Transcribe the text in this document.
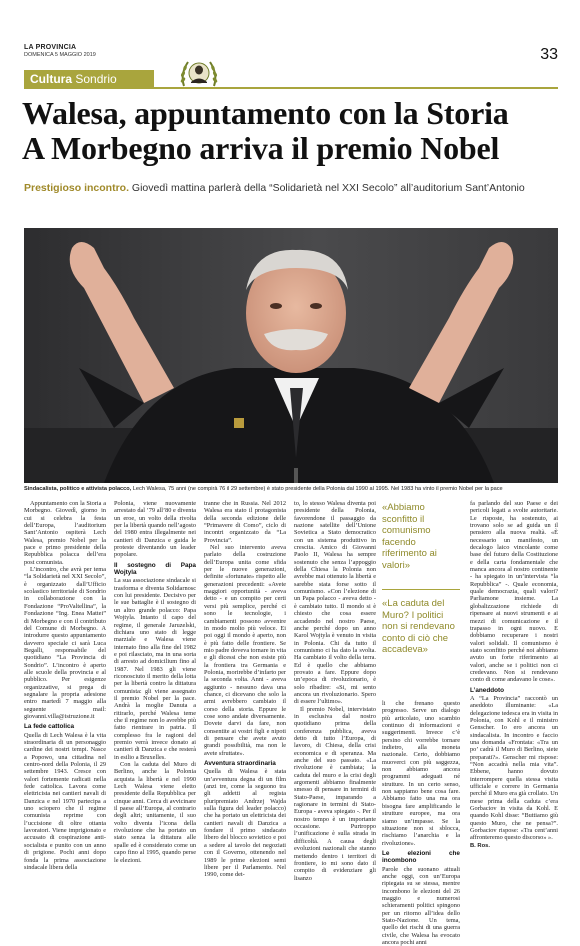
LA PROVINCIA
DOMENICA 5 MAGGIO 2019	33
Cultura Sondrio
Walesa, appuntamento con la Storia
A Morbegno arriva il premio Nobel
Prestigioso incontro. Giovedì mattina parlerà della “Solidarietà nel XXI Secolo” all’auditorium Sant’Antonio
Sindacalista, politico e attivista polacco, Lech Walesa, 75 anni (ne compirà 76 il 29 settembre) è stato presidente della Polonia dal 1990 al 1995. Nel 1983 ha vinto il premio Nobel per la pace

Appuntamento con la Storia a Morbegno. Giovedì, giorno in cui si celebra la festa dell’Europa, l’auditorium Sant’Antonio ospiterà Lech Walesa, premio Nobel per la pace e primo presidente della Repubblica polacca dell’era post comunista.

L’incontro, che avrà per tema “la Solidarietà nel XXI Secolo”, è organizzato dall’Ufficio scolastico territoriale di Sondrio in collaborazione con la Fondazione “ProValtellina”, la Fondazione “Ing. Enea Mattei” di Morbegno e con il contributo del Comune di Morbegno. A introdurre questo appuntamento davvero speciale ci sarà Luca Begalli, responsabile del quotidiano “La Provincia di Sondrio”. L’incontro è aperto alle scuole della provincia e al pubblico. Per esigenze organizzative, si prega di segnalare la propria adesione entro martedì 7 maggio alla seguente mail: giovanni.villa@istruzione.it

La fede cattolica

Quella di Lech Walesa è la vita straordinaria di un personaggio cardine dei nostri tempi. Nasce a Popowo, una cittadina nel centro-nord della Polonia, il 29 settembre 1943. Cresce con valori fortemente radicati nella fede cattolica. Lavora come elettricista nei cantieri navali di Danzica e nel 1970 partecipa a uno sciopero che il regime comunista reprime con l’uccisione di oltre ottanta lavoratori. Viene imprigionato e accusato di cospirazione anti-socialista e punito con un anno di prigione. Pochi anni dopo fonda la prima associazione sindacale libera della

Polonia, viene nuovamente arrestato dal ’79 all’80 e diventa un eroe, un volto della rivolta per la libertà quando nell’agosto del 1980 entra illegalmente nei cantieri di Danzica e guida le proteste diventando un leader popolare.

Il sostegno di Papa Wojtyla

La sua associazione sindacale si trasforma e diventa Solidarnosc con lui presidente. Decisivo per le sue battaglie è il sostegno di un altro grande polacco: Papa Wojtyla. Intanto il capo del regime, il generale Jaruzelski, dichiara uno stato di legge marziale e Walesa viene internato fino alla fine del 1982 e poi rilasciato, ma in una sorta di arresto ad domicilium fino al 1987. Nel 1983 gli viene riconosciuto il merito della lotta per la libertà contro la dittatura comunista: gli viene assegnato il premio Nobel per la pace. Andrà la moglie Danuta a ritirarlo, perché Walesa teme che il regime non lo avrebbe più fatto rientrare in patria. Il complesso fra le ragioni del premio verrà invece donato ai cantieri di Danzica e che resterà in esilio a Bruxelles.

Con la caduta del Muro di Berlino, anche la Polonia acquista la libertà e nel 1990 Lech Walesa viene eletto presidente della Repubblica per cinque anni. Cerca di avvicinare il paese all’Europa, al contrario degli altri; unitamente, il suo volto diventa l’icona della rivoluzione che ha portato un stato senza la dittatura alle spalle ed è considerato come un capo fino al 1995, quando perse le elezioni.

tranne che in Russia. Nel 2012 Walesa era stato il protagonista della seconda edizione delle “Primavere di Como”, ciclo di incontri organizzato da “La Provincia”.

Nel suo intervento aveva parlato della costruzione dell’Europa unita come sfida per le nuove generazioni, definite «fortunate» rispetto alle generazioni precedenti: «Avete maggiori opportunità - aveva detto - e un compito per certi versi più semplice, perché ci sono le tecnologie, i cambiamenti possono avvenire in modo molto più veloce. Ei poi oggi il mondo è aperto, non è più fatto delle frontiere. Se mio padre doveva tornare in vita e gli dicessi che non esiste più la frontiera tra Germania e Polonia, morirebbe d’infarto per la seconda volta. Anni - aveva aggiunto - nessuno dava una chance, ci dicevano che solo la armi avrebbero cambiato il corso della storia. Eppure le cose sono andate diversamente. Dovete darvi da fare, non consentite ai vostri figli e nipoti di pensare che avete avuto grandi possibilità, ma non le avete sfruttate».

Avventura straordinaria

Quella di Walesa è stata un’avventura degna di un film (anzi tre, come la seguono tra gli addetti al regista pluripremiato Andrzej Wajda sulla figura del leader polacco) che ha portato un elettricista dei cantieri navali di Danzica a fondare il primo sindacato libero del blocco sovietico e poi a sedere al tavolo dei negoziati con il Governo, ottenendo nel 1989 le prime elezioni semi libere per il Parlamento. Nel 1990, come det-

to, lo stesso Walesa diventa poi presidente della Polonia, favorendone il passaggio da nazione satellite dell’Unione Sovietica a Stato democratico con un sistema produttivo in crescita. Amico di Giovanni Paolo II, Walesa ha sempre sostenuto che senza l’appoggio della Chiesa la Polonia non avrebbe mai ottenuto la libertà e sarebbe stata forse sotto il comunismo. «Con l’elezione di un Papa polacco - aveva detto - è cambiato tutto. Il mondo si è chiesto che cosa essere accadendo nel nostro Paese, anche perché dopo un anno Karol Wojtyla è venuto in visita in Polonia. Chi da tutto il comunismo ci ha dato la svolta. Ha cambiato il volto della terra. Ed è quello che abbiamo provato a fare. Eppure dopo un’epoca di rivoluzionario, è solo ribadire: «Si, mi sento ancora un rivoluzionario. Spero di essere l’ultimo».

Il premio Nobel, intervistato in esclusiva dal nostro quotidiano prima della conferenza pubblica, aveva detto di tutto l’Europa, di lavoro, di Chiesa, della crisi economica e di speranza. Ma anche del suo passato. «La rivoluzione è cambiata; la caduta del muro e la crisi degli argomenti abbiamo finalmente smesso di pensare in termini di Stato-Paese, imparando a ragionare in termini di Stato-Europa - aveva spiegato -. Per il nostro tempo è un importante occasione. Purtroppo l’unificazione è sulla strada in difficoltà. A causa degli evoluzioni nazionali che stanno mettendo dentro i territori di frontiere, io mi sono dato il compito di evidenziare gli lisanzo

li che frenano questo progresso. Serve un dialogo più articolato, uno scambio continuo di informazioni e suggerimenti. Invece c’è persino chi vorrebbe tornare indietro, alla moneta nazionale. Certo, dobbiamo muoverci con più saggezza, non abbiamo ancora programmi adeguati né strutture. In un certo senso, non sappiamo bene cosa fare. Abbiamo fatto una ma ora bisogna fare amplificando le strutture europee, ma ora siamo un’impasse. Se la situazione non si sblocca, rischiamo l’anarchia e la rivoluzione».

Le elezioni che incombono

Parole che suonano attuali anche oggi, con un’Europa ripiegata su se stessa, mentre incombono le elezioni del 26 maggio e numerosi schieramenti politici spingono per un ritorno all’idea dello Stato-Nazione. Un tema, quello dei rischi di una guerra civile, che Walesa ha evocato ancora pochi anni

fa parlando del suo Paese e dei pericoli legati a svolte autoritarie. Le risposte, ha sostenuto, ai trovano solo se ad guida un il pensiero alla nuova realtà. «È necessario un manifesto, un decalogo laico vincolante come base del futuro della Costituzione e della carta fondamentale che manca ancora al nostro continente - ha spiegato in un’intervista “la Repubblica” -. Quale economia, quale democrazia, quali valori? Parliamone insieme. La globalizzazione richiede di ripensare ai nuovi strumenti e ai mezzi di comunicazione e il trapasso in ogni nuovo. E dobbiamo recuperare i nostri valori solidali. Il comunismo è stato sconfitto perché noi abbiamo avuto un forte riferimento ai valori, anche se i politici non ci credevano. Non si rendevano conto di come andavano le cose».

L’aneddoto

A “La Provincia” raccontò un aneddoto illuminante: «La delegazione tedesca era in visita in Polonia, con Kohl e il ministro Genscher. Io ero ancora un sindacalista. In incontro e faccio una domanda «Frontata: «Tra un po’ cadrà il Muro di Berlino, siete preparati?». Genscher mi rispose: “Non accadrà nella mia vita”. Ebbene, hanno dovuto interrompere quella stessa visita ufficiale e correre in Germania perché il Muro era già crollato. Un mese prima della caduta c’era Gorbaciov in visita da Kohl. E quando Kohl disse: “Buttiamo giù questo Muro, che ne pensa?”. Gorbaciov rispose: «Tra cent’anni affronteremo questo discorso» ».

B. Ros.
«Abbiamo sconfitto il comunismo facendo riferimento ai valori»
«La caduta del Muro? I politici non si rendevano conto di ciò che accadeva»
